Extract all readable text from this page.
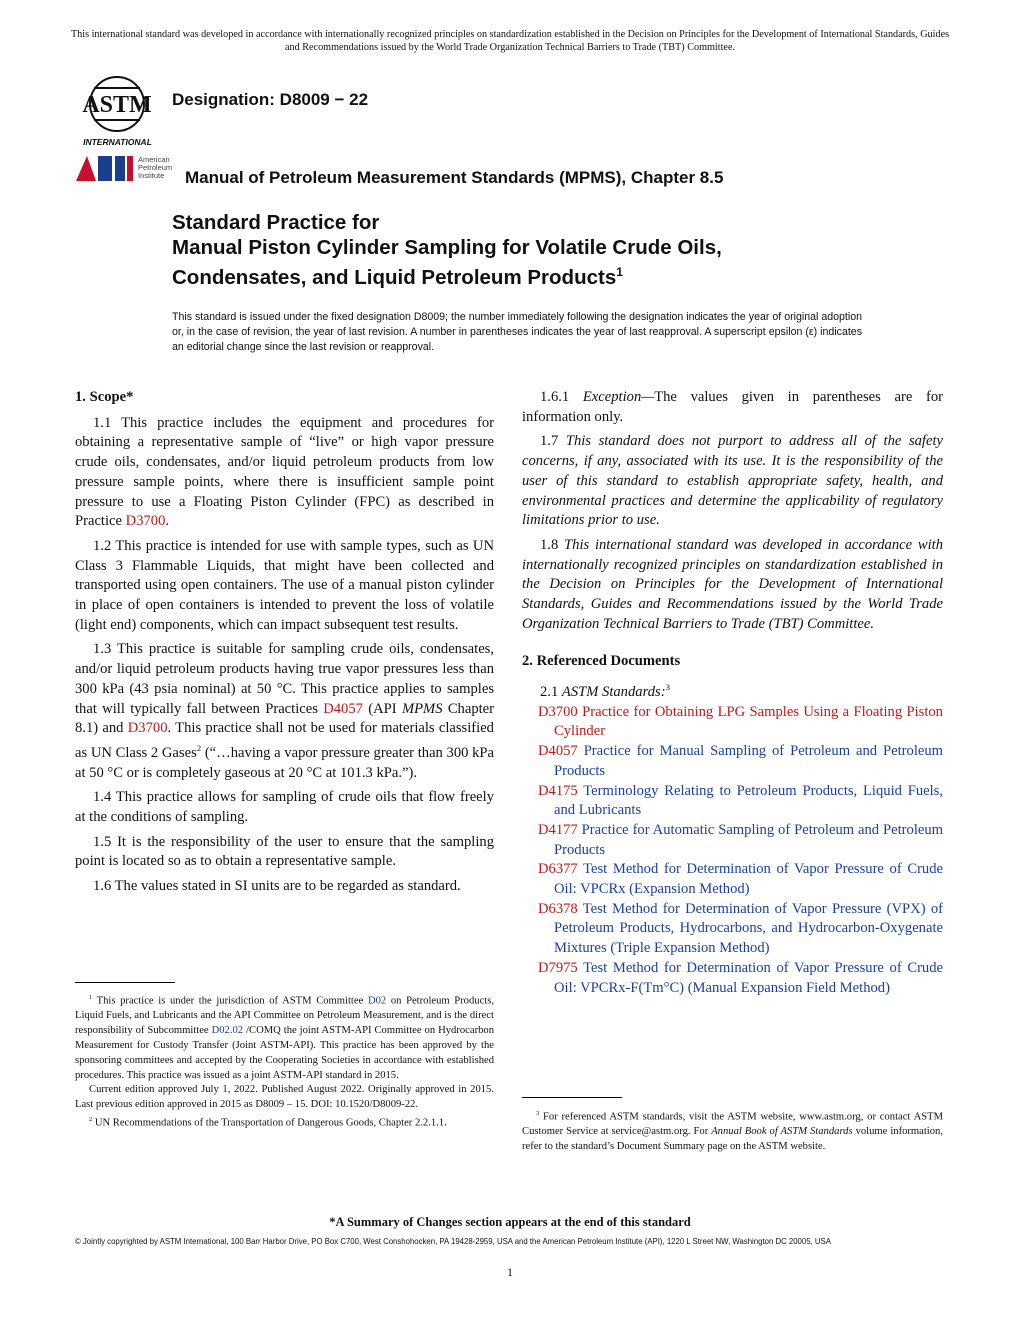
This international standard was developed in accordance with internationally recognized principles on standardization established in the Decision on Principles for the Development of International Standards, Guides and Recommendations issued by the World Trade Organization Technical Barriers to Trade (TBT) Committee.
ASTM
INTERNATIONAL
Designation: D8009 − 22
American Petroleum Institute	Manual of Petroleum Measurement Standards (MPMS), Chapter 8.5
Standard Practice for
Manual Piston Cylinder Sampling for Volatile Crude Oils,
Condensates, and Liquid Petroleum Products$^1$
This standard is issued under the fixed designation D8009; the number immediately following the designation indicates the year of original adoption or, in the case of revision, the year of last revision. A number in parentheses indicates the year of last reapproval. A superscript epsilon (ε) indicates an editorial change since the last revision or reapproval.
1. Scope*

1.1 This practice includes the equipment and procedures for obtaining a representative sample of “live” or high vapor pressure crude oils, condensates, and/or liquid petroleum products from low pressure sample points, where there is insufficient sample point pressure to use a Floating Piston Cylinder (FPC) as described in Practice D3700.

1.2 This practice is intended for use with sample types, such as UN Class 3 Flammable Liquids, that might have been collected and transported using open containers. The use of a manual piston cylinder in place of open containers is intended to prevent the loss of volatile (light end) components, which can impact subsequent test results.

1.3 This practice is suitable for sampling crude oils, condensates, and/or liquid petroleum products having true vapor pressures less than 300 kPa (43 psia nominal) at 50 °C. This practice applies to samples that will typically fall between Practices D4057 (API MPMS Chapter 8.1) and D3700. This practice shall not be used for materials classified as UN Class 2 Gases$^2$ (“…having a vapor pressure greater than 300 kPa at 50 °C or is completely gaseous at 20 °C at 101.3 kPa.”).

1.4 This practice allows for sampling of crude oils that flow freely at the conditions of sampling.

1.5 It is the responsibility of the user to ensure that the sampling point is located so as to obtain a representative sample.

1.6 The values stated in SI units are to be regarded as standard.

$^1$ This practice is under the jurisdiction of ASTM Committee D02 on Petroleum Products, Liquid Fuels, and Lubricants and the API Committee on Petroleum Measurement, and is the direct responsibility of Subcommittee D02.02 /COMQ the joint ASTM-API Committee on Hydrocarbon Measurement for Custody Transfer (Joint ASTM-API). This practice has been approved by the sponsoring committees and accepted by the Cooperating Societies in accordance with established procedures. This practice was issued as a joint ASTM-API standard in 2015.

Current edition approved July 1, 2022. Published August 2022. Originally approved in 2015. Last previous edition approved in 2015 as D8009 – 15. DOI: 10.1520/D8009-22.

$^2$ UN Recommendations of the Transportation of Dangerous Goods, Chapter 2.2.1.1.

1.6.1 Exception—The values given in parentheses are for information only.

1.7 This standard does not purport to address all of the safety concerns, if any, associated with its use. It is the responsibility of the user of this standard to establish appropriate safety, health, and environmental practices and determine the applicability of regulatory limitations prior to use.

1.8 This international standard was developed in accordance with internationally recognized principles on standardization established in the Decision on Principles for the Development of International Standards, Guides and Recommendations issued by the World Trade Organization Technical Barriers to Trade (TBT) Committee.

2. Referenced Documents

2.1 ASTM Standards:$^3$

D3700 Practice for Obtaining LPG Samples Using a Floating Piston Cylinder
D4057 Practice for Manual Sampling of Petroleum and Petroleum Products
D4175 Terminology Relating to Petroleum Products, Liquid Fuels, and Lubricants
D4177 Practice for Automatic Sampling of Petroleum and Petroleum Products
D6377 Test Method for Determination of Vapor Pressure of Crude Oil: VPCRx (Expansion Method)
D6378 Test Method for Determination of Vapor Pressure (VPX) of Petroleum Products, Hydrocarbons, and Hydrocarbon-Oxygenate Mixtures (Triple Expansion Method)
D7975 Test Method for Determination of Vapor Pressure of Crude Oil: VPCRx-F(Tm°C) (Manual Expansion Field Method)

$^3$ For referenced ASTM standards, visit the ASTM website, www.astm.org, or contact ASTM Customer Service at service@astm.org. For Annual Book of ASTM Standards volume information, refer to the standard’s Document Summary page on the ASTM website.

*A Summary of Changes section appears at the end of this standard
© Jointly copyrighted by ASTM International, 100 Barr Harbor Drive, PO Box C700, West Conshohocken, PA 19428-2959, USA and the American Petroleum Institute (API), 1220 L Street NW, Washington DC 20005, USA
1
